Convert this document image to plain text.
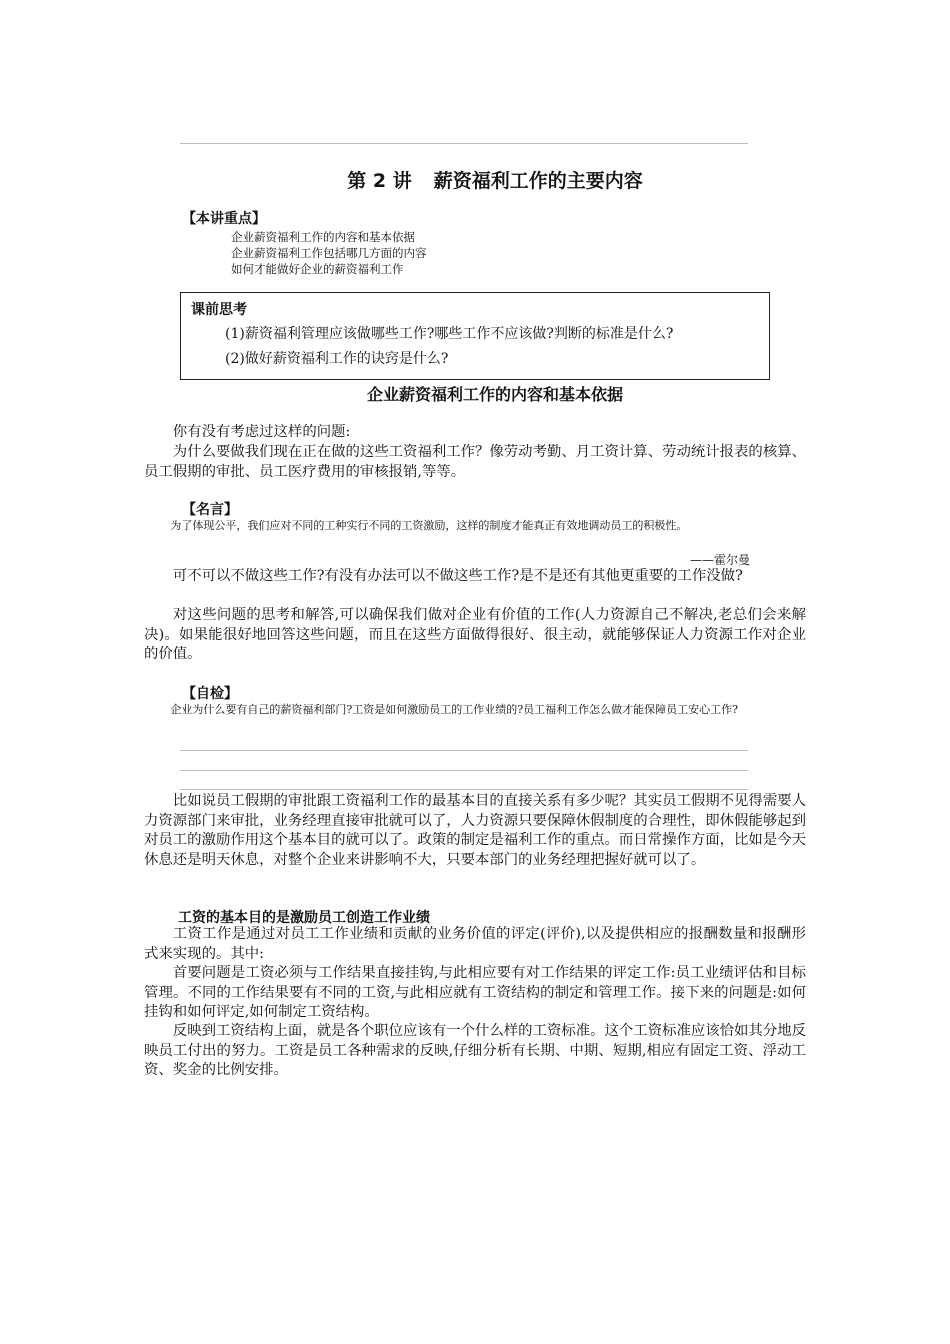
第 2 讲 薪资福利工作的主要内容
【本讲重点】
企业薪资福利工作的内容和基本依据
企业薪资福利工作包括哪几方面的内容
如何才能做好企业的薪资福利工作
课前思考
(1)薪资福利管理应该做哪些工作?哪些工作不应该做?判断的标准是什么?
(2)做好薪资福利工作的诀窍是什么?
企业薪资福利工作的内容和基本依据

你有没有考虑过这样的问题:

为什么要做我们现在正在做的这些工资福利工作？像劳动考勤、月工资计算、劳动统计报表的核算、员工假期的审批、员工医疗费用的审核报销,等等。

【名言】

为了体现公平，我们应对不同的工种实行不同的工资激励，这样的制度才能真正有效地调动员工的积极性。

——霍尔曼

可不可以不做这些工作?有没有办法可以不做这些工作?是不是还有其他更重要的工作没做?

对这些问题的思考和解答,可以确保我们做对企业有价值的工作(人力资源自己不解决,老总们会来解决)。如果能很好地回答这些问题，而且在这些方面做得很好、很主动，就能够保证人力资源工作对企业的价值。

【自检】

企业为什么要有自己的薪资福利部门?工资是如何激励员工的工作业绩的?员工福利工作怎么做才能保障员工安心工作?

比如说员工假期的审批跟工资福利工作的最基本目的直接关系有多少呢？其实员工假期不见得需要人力资源部门来审批，业务经理直接审批就可以了，人力资源只要保障休假制度的合理性，即休假能够起到对员工的激励作用这个基本目的就可以了。政策的制定是福利工作的重点。而日常操作方面，比如是今天休息还是明天休息，对整个企业来讲影响不大，只要本部门的业务经理把握好就可以了。

工资的基本目的是激励员工创造工作业绩

工资工作是通过对员工工作业绩和贡献的业务价值的评定(评价),以及提供相应的报酬数量和报酬形式来实现的。其中:

首要问题是工资必须与工作结果直接挂钩,与此相应要有对工作结果的评定工作:员工业绩评估和目标管理。不同的工作结果要有不同的工资,与此相应就有工资结构的制定和管理工作。接下来的问题是:如何挂钩和如何评定,如何制定工资结构。

反映到工资结构上面，就是各个职位应该有一个什么样的工资标准。这个工资标准应该恰如其分地反映员工付出的努力。工资是员工各种需求的反映,仔细分析有长期、中期、短期,相应有固定工资、浮动工资、奖金的比例安排。
